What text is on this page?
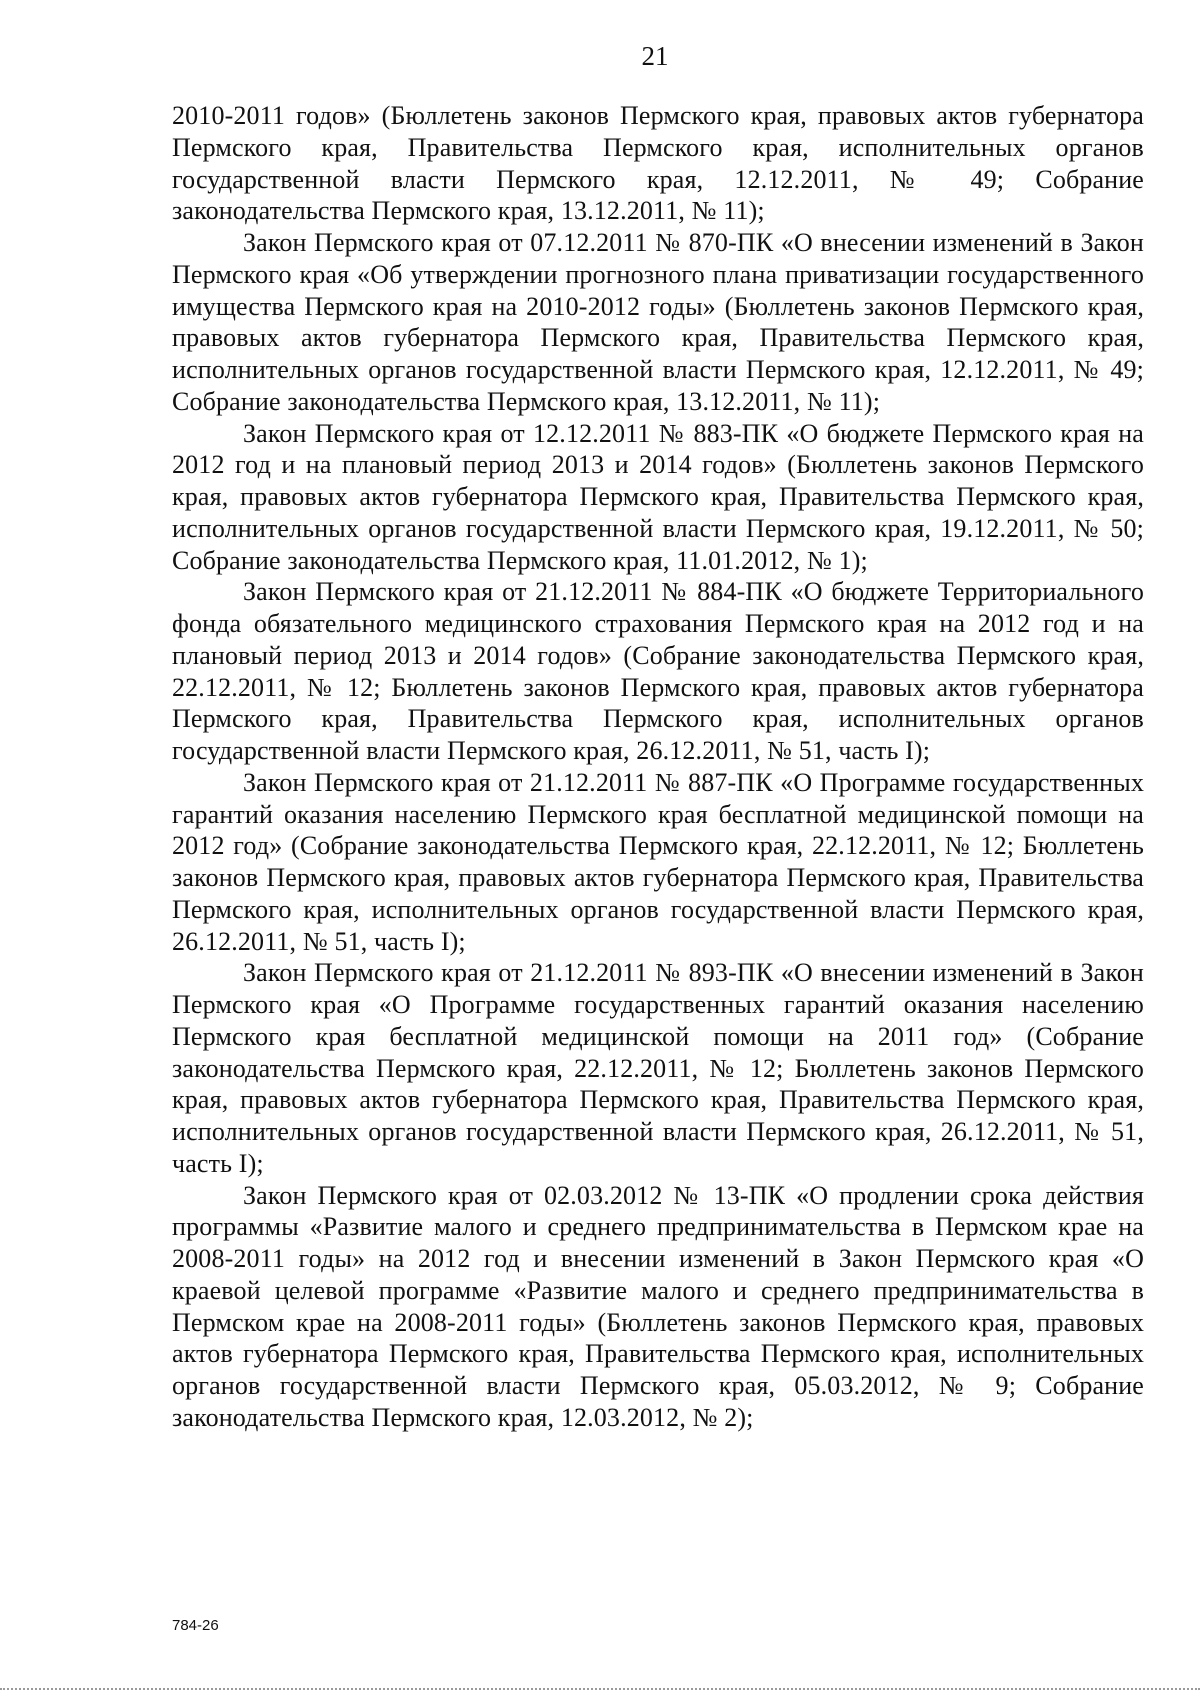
21

2010-2011 годов» (Бюллетень законов Пермского края, правовых актов губернатора Пермского края, Правительства Пермского края, исполнительных органов государственной власти Пермского края, 12.12.2011, № 49; Собрание законодательства Пермского края, 13.12.2011, № 11);

Закон Пермского края от 07.12.2011 № 870-ПК «О внесении изменений в Закон Пермского края «Об утверждении прогнозного плана приватизации государственного имущества Пермского края на 2010-2012 годы» (Бюллетень законов Пермского края, правовых актов губернатора Пермского края, Правительства Пермского края, исполнительных органов государственной власти Пермского края, 12.12.2011, № 49; Собрание законодательства Пермского края, 13.12.2011, № 11);

Закон Пермского края от 12.12.2011 № 883-ПК «О бюджете Пермского края на 2012 год и на плановый период 2013 и 2014 годов» (Бюллетень законов Пермского края, правовых актов губернатора Пермского края, Правительства Пермского края, исполнительных органов государственной власти Пермского края, 19.12.2011, № 50; Собрание законодательства Пермского края, 11.01.2012, № 1);

Закон Пермского края от 21.12.2011 № 884-ПК «О бюджете Территориального фонда обязательного медицинского страхования Пермского края на 2012 год и на плановый период 2013 и 2014 годов» (Собрание законодательства Пермского края, 22.12.2011, № 12; Бюллетень законов Пермского края, правовых актов губернатора Пермского края, Правительства Пермского края, исполнительных органов государственной власти Пермского края, 26.12.2011, № 51, часть I);

Закон Пермского края от 21.12.2011 № 887-ПК «О Программе государственных гарантий оказания населению Пермского края бесплатной медицинской помощи на 2012 год» (Собрание законодательства Пермского края, 22.12.2011, № 12; Бюллетень законов Пермского края, правовых актов губернатора Пермского края, Правительства Пермского края, исполнительных органов государственной власти Пермского края, 26.12.2011, № 51, часть I);

Закон Пермского края от 21.12.2011 № 893-ПК «О внесении изменений в Закон Пермского края «О Программе государственных гарантий оказания населению Пермского края бесплатной медицинской помощи на 2011 год» (Собрание законодательства Пермского края, 22.12.2011, № 12; Бюллетень законов Пермского края, правовых актов губернатора Пермского края, Правительства Пермского края, исполнительных органов государственной власти Пермского края, 26.12.2011, № 51, часть I);

Закон Пермского края от 02.03.2012 № 13-ПК «О продлении срока действия программы «Развитие малого и среднего предпринимательства в Пермском крае на 2008-2011 годы» на 2012 год и внесении изменений в Закон Пермского края «О краевой целевой программе «Развитие малого и среднего предпринимательства в Пермском крае на 2008-2011 годы» (Бюллетень законов Пермского края, правовых актов губернатора Пермского края, Правительства Пермского края, исполнительных органов государственной власти Пермского края, 05.03.2012, № 9; Собрание законодательства Пермского края, 12.03.2012, № 2);

784-26
